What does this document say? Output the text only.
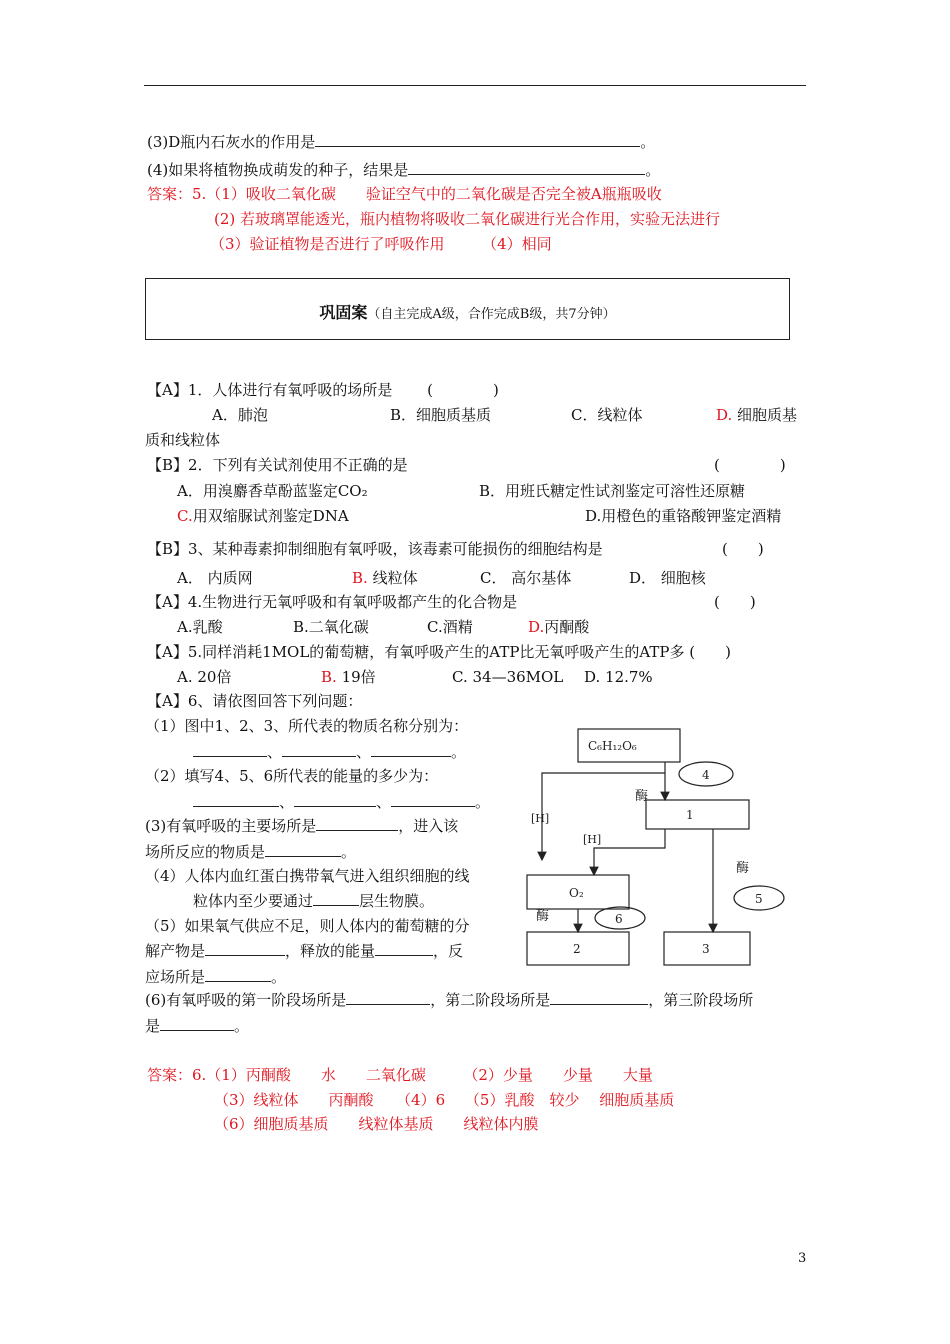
(3)D瓶内石灰水的作用是	。
(4)如果将植物换成萌发的种子，结果是	。
答案：5.（1）吸收二氧化碳　　验证空气中的二氧化碳是否完全被A瓶瓶吸收
(2) 若玻璃罩能透光，瓶内植物将吸收二氧化碳进行光合作用，实验无法进行
（3）验证植物是否进行了呼吸作用　　　（4）相同
巩固案（自主完成A级，合作完成B级，共7分钟）
【A】1．人体进行有氧呼吸的场所是　　 (　　　　)
A．肺泡	B．细胞质基质	C．线粒体	D. 细胞质基
质和线粒体
【B】2．下列有关试剂使用不正确的是	(　　　　)
A．用溴麝香草酚蓝鉴定CO₂	B．用班氏糖定性试剂鉴定可溶性还原糖
C.用双缩脲试剂鉴定DNA	D.用橙色的重铬酸钾鉴定酒精
【B】3、某种毒素抑制细胞有氧呼吸，该毒素可能损伤的细胞结构是	(　　)
A． 内质网	B. 线粒体	C． 高尔基体	D． 细胞核
【A】4.生物进行无氧呼吸和有氧呼吸都产生的化合物是	(　　)
A.乳酸	B.二氧化碳	C.酒精	D.丙酮酸
【A】5.同样消耗1MOL的葡萄糖，有氧呼吸产生的ATP比无氧呼吸产生的ATP多 (　　)
A. 20倍	B. 19倍	C. 34—36MOL D. 12.7%
【A】6、请依图回答下列问题：
（1）图中1、2、3、所代表的物质名称分别为：
、	、	。
（2）填写4、5、6所代表的能量的多少为：
、	、	。
(3)有氧呼吸的主要场所是	，进入该
场所反应的物质是	。
（4）人体内血红蛋白携带氧气进入组织细胞的线
粒体内至少要通过	层生物膜。
（5）如果氧气供应不足，则人体内的葡萄糖的分
解产物是	，释放的能量	，反
应场所是	。
(6)有氧呼吸的第一阶段场所是	，第二阶段场所是	，第三阶段场所
是	。
C₆H₁₂O₆
1
2	3
4
5
6
O₂
[H]
[H]
酶
酶
酶
答案：6.（1）丙酮酸　　水　　二氧化碳　　　（2）少量　　少量　　大量
（3）线粒体　　丙酮酸　　（4）6　 （5）乳酸　较少　 细胞质基质
（6）细胞质基质　　线粒体基质　　线粒体内膜
3
